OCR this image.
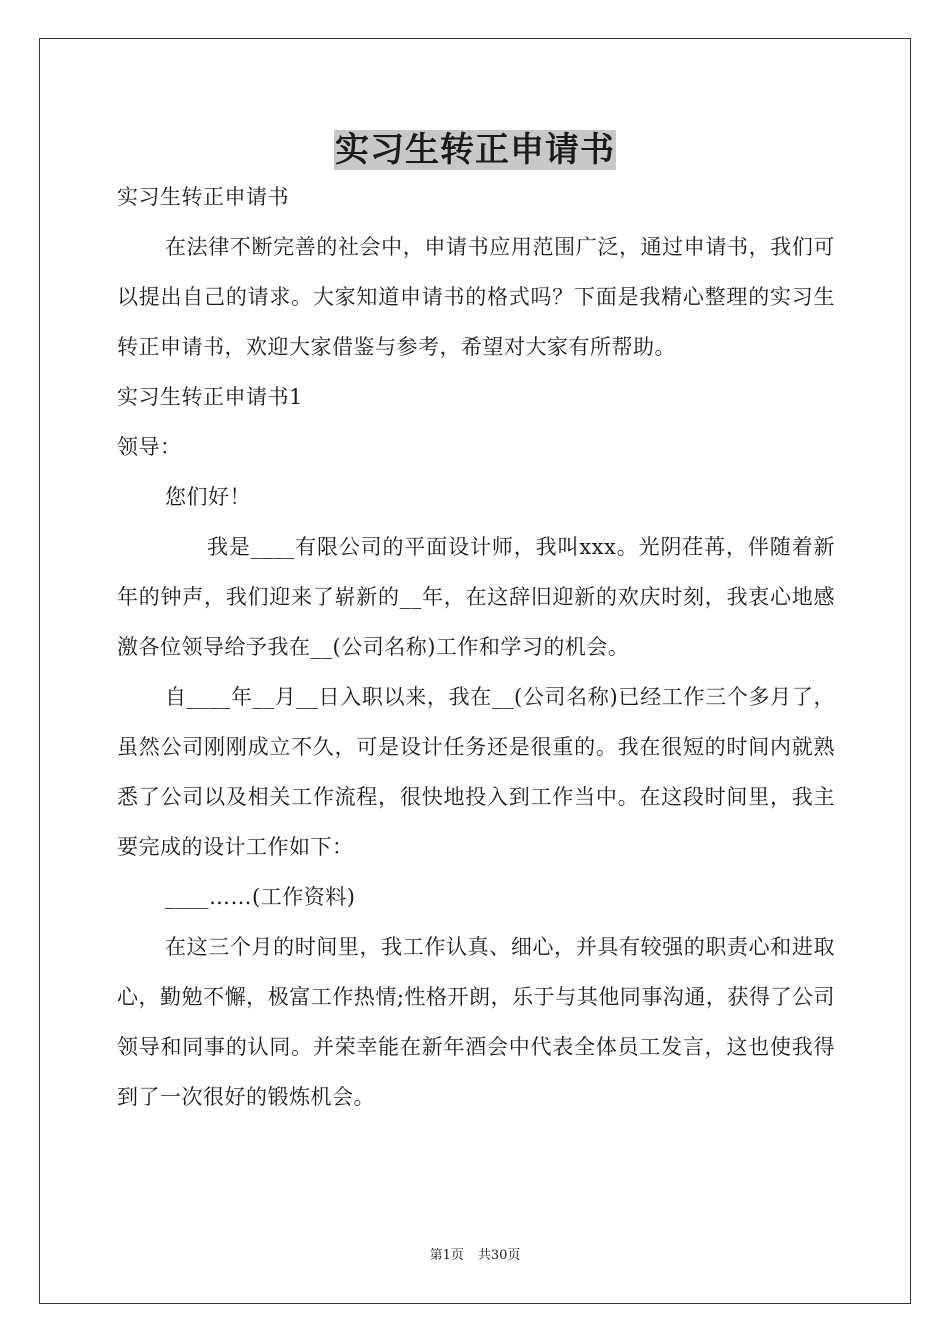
实习生转正申请书

实习生转正申请书

在法律不断完善的社会中，申请书应用范围广泛，通过申请书，我们可以提出自己的请求。大家知道申请书的格式吗？下面是我精心整理的实习生转正申请书，欢迎大家借鉴与参考，希望对大家有所帮助。

实习生转正申请书1

领导：

您们好！

我是____有限公司的平面设计师，我叫xxx。光阴荏苒，伴随着新年的钟声，我们迎来了崭新的__年，在这辞旧迎新的欢庆时刻，我衷心地感激各位领导给予我在__(公司名称)工作和学习的机会。

自____年__月__日入职以来，我在__(公司名称)已经工作三个多月了，虽然公司刚刚成立不久，可是设计任务还是很重的。我在很短的时间内就熟悉了公司以及相关工作流程，很快地投入到工作当中。在这段时间里，我主要完成的设计工作如下：

____……(工作资料)

在这三个月的时间里，我工作认真、细心，并具有较强的职责心和进取心，勤勉不懈，极富工作热情;性格开朗，乐于与其他同事沟通，获得了公司领导和同事的认同。并荣幸能在新年酒会中代表全体员工发言，这也使我得到了一次很好的锻炼机会。

第1页 共30页
